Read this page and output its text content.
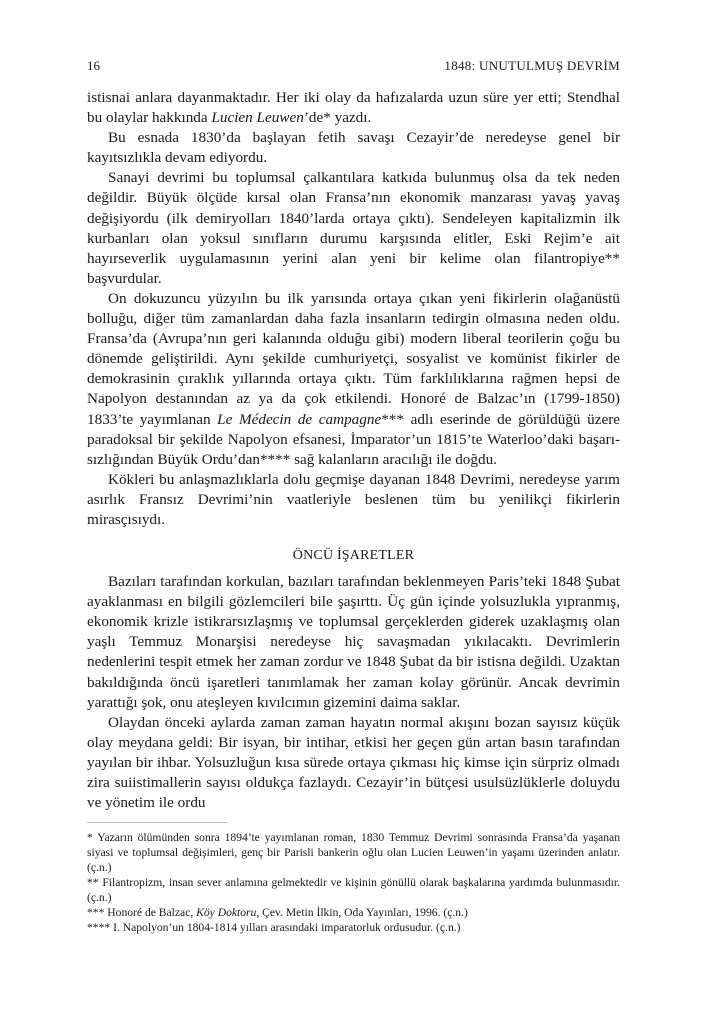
16	1848: UNUTULMUŞ DEVRİM

istisnai anlara dayanmaktadır. Her iki olay da hafızalarda uzun süre yer etti; Stendhal bu olaylar hakkında Lucien Leuwen’de* yazdı.

Bu esnada 1830’da başlayan fetih savaşı Cezayir’de neredeyse genel bir kayıtsızlıkla devam ediyordu.

Sanayi devrimi bu toplumsal çalkantılara katkıda bulunmuş olsa da tek neden değildir. Büyük ölçüde kırsal olan Fransa’nın ekonomik manzarası yavaş yavaş değişiyordu (ilk demiryolları 1840’larda ortaya çıktı). Sendeleyen kapitalizmin ilk kurbanları olan yoksul sınıfların durumu karşısında elitler, Eski Rejim’e ait hayırseverlik uygulamasının yerini alan yeni bir kelime olan filantropiye** başvurdular.

On dokuzuncu yüzyılın bu ilk yarısında ortaya çıkan yeni fikirlerin olağanüstü bolluğu, diğer tüm zamanlardan daha fazla insanların tedirgin olmasına neden oldu. Fransa’da (Avrupa’nın geri kalanında olduğu gibi) modern liberal teorilerin çoğu bu dönemde geliştirildi. Aynı şekilde cumhuriyetçi, sosyalist ve komünist fikirler de demokrasinin çıraklık yıllarında ortaya çıktı. Tüm farklılıklarına rağmen hepsi de Napolyon destanından az ya da çok etkilendi. Honoré de Balzac’ın (1799-1850) 1833’te yayımlanan Le Médecin de campagne*** adlı eserinde de görüldüğü üzere paradoksal bir şekilde Napolyon efsanesi, İmparator’un 1815’te Waterloo’daki başarısızlığından Büyük Ordu’dan**** sağ kalanların aracılığı ile doğdu.

Kökleri bu anlaşmazlıklarla dolu geçmişe dayanan 1848 Devrimi, neredeyse yarım asırlık Fransız Devrimi’nin vaatleriyle beslenen tüm bu yenilikçi fikirlerin mirasçısıydı.

ÖNCÜ İŞARETLER

Bazıları tarafından korkulan, bazıları tarafından beklenmeyen Paris’teki 1848 Şubat ayaklanması en bilgili gözlemcileri bile şaşırttı. Üç gün içinde yolsuzlukla yıpranmış, ekonomik krizle istikrarsızlaşmış ve toplumsal gerçeklerden giderek uzaklaşmış olan yaşlı Temmuz Monarşisi neredeyse hiç savaşmadan yıkılacaktı. Devrimlerin nedenlerini tespit etmek her zaman zordur ve 1848 Şubat da bir istisna değildi. Uzaktan bakıldığında öncü işaretleri tanımlamak her zaman kolay görünür. Ancak devrimin yarattığı şok, onu ateşleyen kıvılcımın gizemini daima saklar.

Olaydan önceki aylarda zaman zaman hayatın normal akışını bozan sayısız küçük olay meydana geldi: Bir isyan, bir intihar, etkisi her geçen gün artan basın tarafından yayılan bir ihbar. Yolsuzluğun kısa sürede ortaya çıkması hiç kimse için sürpriz olmadı zira suiistimallerin sayısı oldukça fazlaydı. Cezayir’in bütçesi usulsüzlüklerle doluydu ve yönetim ile ordu

* Yazarın ölümünden sonra 1894’te yayımlanan roman, 1830 Temmuz Devrimi sonrasında Fransa’da yaşanan siyasi ve toplumsal değişimleri, genç bir Parisli bankerin oğlu olan Lucien Leuwen’in yaşamı üzerinden anlatır. (ç.n.)

** Filantropizm, insan sever anlamına gelmektedir ve kişinin gönüllü olarak başkalarına yardımda bulunmasıdır. (ç.n.)

*** Honoré de Balzac, Köy Doktoru, Çev. Metin İlkin, Oda Yayınları, 1996. (ç.n.)

**** I. Napolyon’un 1804-1814 yılları arasındaki imparatorluk ordusudur. (ç.n.)
